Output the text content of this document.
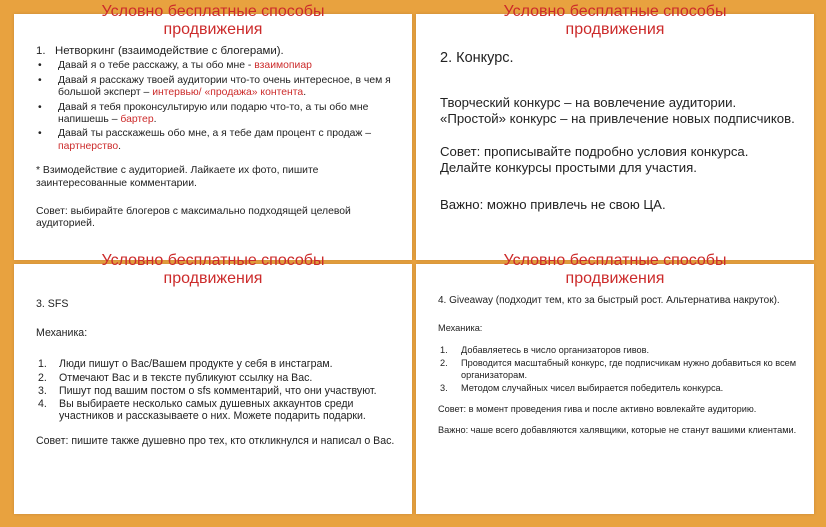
Условно бесплатные способы
продвижения

1.   Нетворкинг (взаимодействие с блогерами).

• Давай я о тебе расскажу, а ты обо мне - взаимопиар
• Давай я расскажу твоей аудитории что-то очень интересное, в чем я большой эксперт – интервью/ «продажа» контента.
• Давай я тебя проконсультирую или подарю что-то, а ты обо мне напишешь – бартер.
• Давай ты расскажешь обо мне, а я тебе дам процент с продаж – партнерство.

* Взимодействие с аудиторией. Лайкаете их фото, пишите заинтересованные комментарии.

Совет: выбирайте блогеров с максимально подходящей целевой аудиторией.

Условно бесплатные способы
продвижения

2. Конкурс.

Творческий конкурс – на вовлечение аудитории.

«Простой» конкурс – на привлечение новых подписчиков.

Совет: прописывайте подробно условия конкурса. Делайте конкурсы простыми для участия.

Важно: можно привлечь не свою ЦА.

Условно бесплатные способы
продвижения

3. SFS

Механика:

1. Люди пишут о Вас/Вашем продукте у себя в инстаграм.
2. Отмечают Вас и в тексте публикуют ссылку на Вас.
3. Пишут под вашим постом о sfs комментарий, что они участвуют.
4. Вы выбираете несколько самых душевных аккаунтов среди участников и рассказываете о них. Можете подарить подарки.

Совет: пишите также душевно про тех, кто откликнулся и написал о Вас.

Условно бесплатные способы
продвижения

4. Giveaway (подходит тем, кто за быстрый рост. Альтернатива накруток).

Механика:

1. Добавляетесь в число организаторов гивов.
2. Проводится масштабный конкурс, где подписчикам нужно добавиться ко всем организаторам.
3. Методом случайных чисел выбирается победитель конкурса.

Совет: в момент проведения гива и после активно вовлекайте аудиторию.

Важно: чаше всего добавляются халявщики, которые не станут вашими клиентами.
